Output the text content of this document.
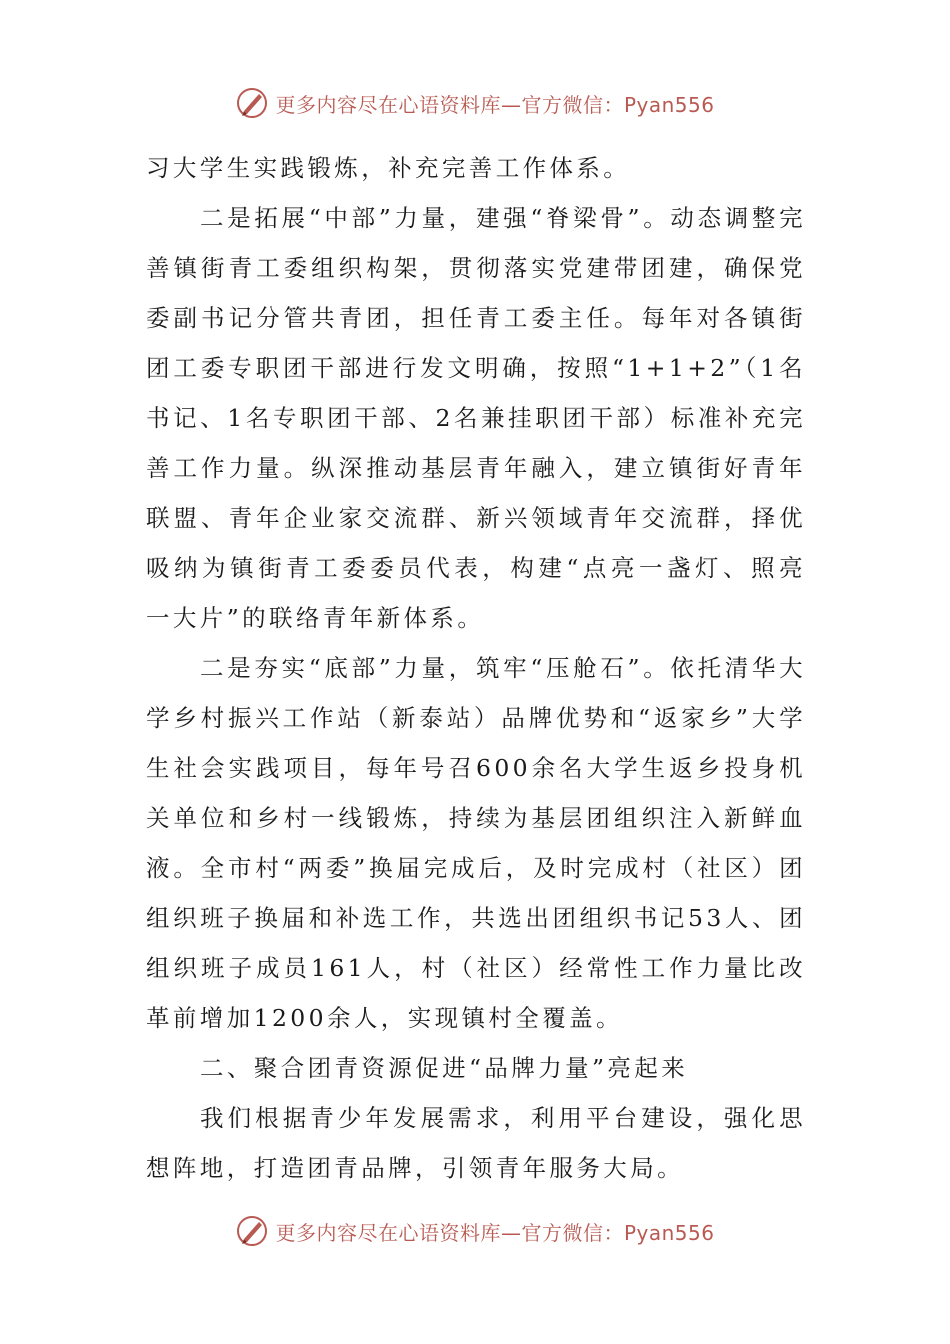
更多内容尽在心语资料库—官方微信：Pyan556

习大学生实践锻炼，补充完善工作体系。

二是拓展“中部”力量，建强“脊梁骨”。动态调整完善镇街青工委组织构架，贯彻落实党建带团建，确保党委副书记分管共青团，担任青工委主任。每年对各镇街团工委专职团干部进行发文明确，按照“1+1+2”（1名书记、1名专职团干部、2名兼挂职团干部）标准补充完善工作力量。纵深推动基层青年融入，建立镇街好青年联盟、青年企业家交流群、新兴领域青年交流群，择优吸纳为镇街青工委委员代表，构建“点亮一盏灯、照亮一大片”的联络青年新体系。

二是夯实“底部”力量，筑牢“压舱石”。依托清华大学乡村振兴工作站（新泰站）品牌优势和“返家乡”大学生社会实践项目，每年号召600余名大学生返乡投身机关单位和乡村一线锻炼，持续为基层团组织注入新鲜血液。全市村“两委”换届完成后，及时完成村（社区）团组织班子换届和补选工作，共选出团组织书记53人、团组织班子成员161人，村（社区）经常性工作力量比改革前增加1200余人，实现镇村全覆盖。

二、聚合团青资源促进“品牌力量”亮起来

我们根据青少年发展需求，利用平台建设，强化思想阵地，打造团青品牌，引领青年服务大局。

更多内容尽在心语资料库—官方微信：Pyan556
